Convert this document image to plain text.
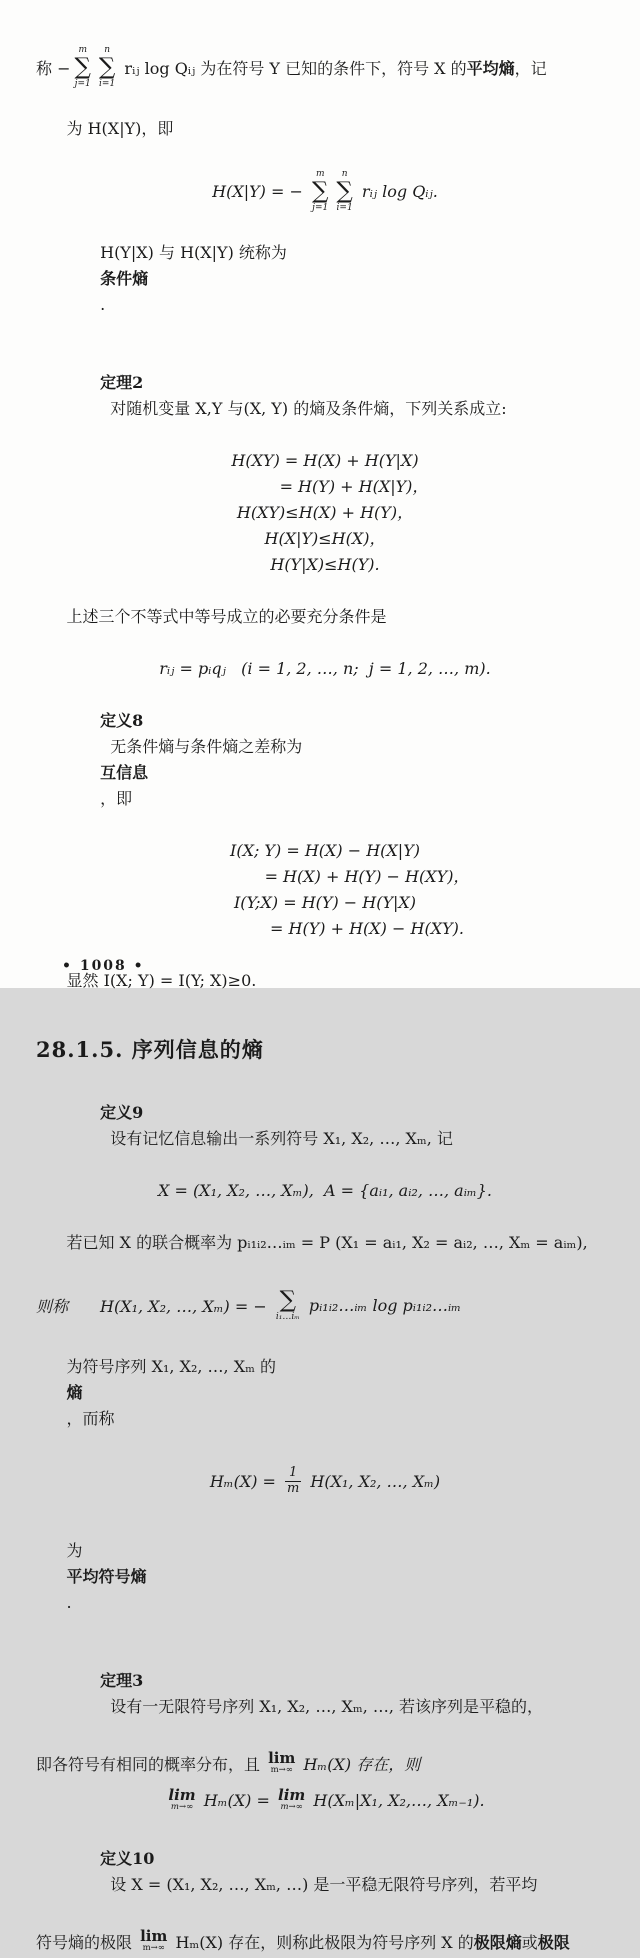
称 −
m
∑
j=1
n
∑
i=1
rᵢⱼ log Qᵢⱼ 为在符号 Y 已知的条件下，符号 X 的 平均熵 ，记

为 H(X|Y)，即

H(X|Y) = −
m
∑
j=1
n
∑
i=1
rᵢⱼ log Qᵢⱼ.

H(Y|X) 与 H(X|Y) 统称为
条件熵
.

定理2
对随机变量 X,Y 与(X, Y) 的熵及条件熵，下列关系成立:

H(XY) = H(X) + H(Y|X)
= H(Y) + H(X|Y)，
H(XY)≤H(X) + H(Y)，
H(X|Y)≤H(X)，
H(Y|X)≤H(Y).

上述三个不等式中等号成立的必要充分条件是

rᵢⱼ = pᵢqⱼ   (i = 1, 2, …, n;  j = 1, 2, …, m).

定义8
无条件熵与条件熵之差称为
互信息
，即

I(X; Y) = H(X) − H(X|Y)
= H(X) + H(Y) − H(XY)，
I(Y;X) = H(Y) − H(Y|X)
= H(Y) + H(X) − H(XY).

显然 I(X; Y) = I(Y; X)≥0.

28.1.5. 序列信息的熵

定义9
设有记忆信息输出一系列符号 X₁, X₂, …, Xₘ, 记

X = (X₁, X₂, …, Xₘ),  A = {aᵢ₁, aᵢ₂, …, aᵢₘ}.

若已知 X 的联合概率为 pᵢ₁ᵢ₂…ᵢₘ = P (X₁ = aᵢ₁, X₂ = aᵢ₂, …, Xₘ = aᵢₘ),

则称　　H(X₁, X₂, …, Xₘ) = − ∑
i₁…iₘ
pᵢ₁ᵢ₂…ᵢₘ log pᵢ₁ᵢ₂…ᵢₘ

为符号序列 X₁, X₂, …, Xₘ 的
熵
，而称

$H_m(X) = \frac{1}{m} H(X_1$, X₂, …, Xₘ)

为
平均符号熵
.

定理3
设有一无限符号序列 X₁, X₂, …, Xₘ, …, 若该序列是平稳的，

即各符号有相同的概率分布，且 lim
m→∞ Hₘ(X) 存在，则
lim
m→∞ Hₘ(X) = lim
m→∞ H(Xₘ|X₁, X₂,…, Xₘ₋₁).

定义10
设 X = (X₁, X₂, …, Xₘ, …) 是一平稳无限符号序列，若平均

符号熵的极限 lim
m→∞ Hₘ(X) 存在，则称此极限为符号序列 X 的 极限熵 或 极限
• 1008 •
